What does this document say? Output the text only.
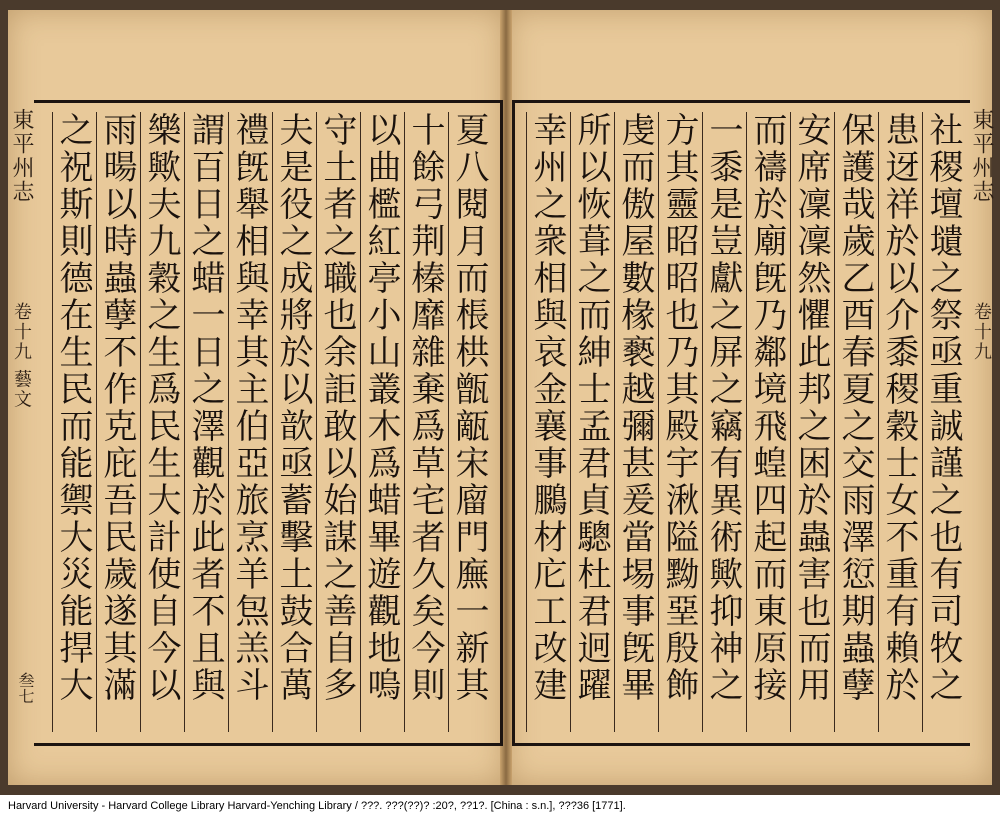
東平州志
卷十九 藝文
叁七
東平州志
卷十九
之祝斯則德在生民而能禦大災能捍大
雨暘以時蟲孽不作克庇吾民歲遂其滿
樂歟夫九穀之生爲民生大計使自今以
謂百日之蜡一日之澤觀於此者不且與
禮旣舉相與幸其主伯亞旅烹羊炰羔斗
夫是役之成將於以歆亟蓄擊土鼓合萬
守土者之職也余詎敢以始謀之善自多
以曲檻紅亭小山叢木爲蜡畢遊觀地嗚
十餘弓荆榛靡雜棄爲草宅者久矣今則
夏八閱月而棖栱甑甋宋廇門廡一新其
社稷壇壝之祭亟重誠謹之也有司牧之
患迓祥於以介黍稷穀士女不重有賴於
保護哉歲乙酉春夏之交雨澤愆期蟲孽
安席凜凜然懼此邦之困於蟲害也而用
而禱於廟旣乃鄰境飛蝗四起而東原接
一黍是豈獻之屏之竊有異術歟抑神之
方其靈昭昭也乃其殿宇湫隘黝堊殷飾
虔而傲屋數椽褻越彌甚爰當埸事旣畢
所以恢葺之而紳士孟君貞驄杜君迥躍
幸州之衆相與哀金襄事鵩材庀工改建
Harvard University - Harvard College Library Harvard-Yenching Library / ???. ???(??)? :20?, ??1?. [China : s.n.], ???36 [1771].
